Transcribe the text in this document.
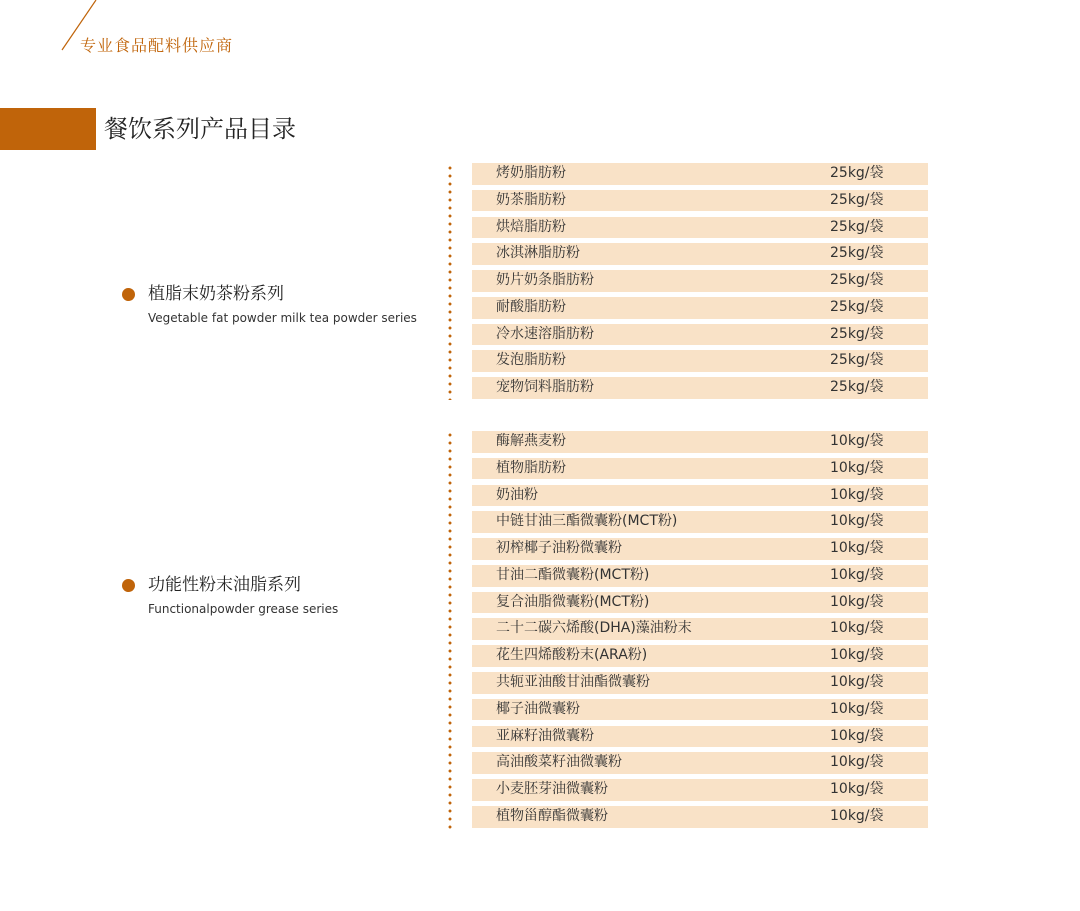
专业食品配料供应商
餐饮系列产品目录
植脂末奶茶粉系列
Vegetable fat powder milk tea powder series
烤奶脂肪粉	25kg/袋
奶茶脂肪粉	25kg/袋
烘焙脂肪粉	25kg/袋
冰淇淋脂肪粉	25kg/袋
奶片奶条脂肪粉	25kg/袋
耐酸脂肪粉	25kg/袋
冷水速溶脂肪粉	25kg/袋
发泡脂肪粉	25kg/袋
宠物饲料脂肪粉	25kg/袋
功能性粉末油脂系列
Functionalpowder grease series
酶解燕麦粉	10kg/袋
植物脂肪粉	10kg/袋
奶油粉	10kg/袋
中链甘油三酯微囊粉(MCT粉)	10kg/袋
初榨椰子油粉微囊粉	10kg/袋
甘油二酯微囊粉(MCT粉)	10kg/袋
复合油脂微囊粉(MCT粉)	10kg/袋
二十二碳六烯酸(DHA)藻油粉末	10kg/袋
花生四烯酸粉末(ARA粉)	10kg/袋
共轭亚油酸甘油酯微囊粉	10kg/袋
椰子油微囊粉	10kg/袋
亚麻籽油微囊粉	10kg/袋
高油酸菜籽油微囊粉	10kg/袋
小麦胚芽油微囊粉	10kg/袋
植物甾醇酯微囊粉	10kg/袋
